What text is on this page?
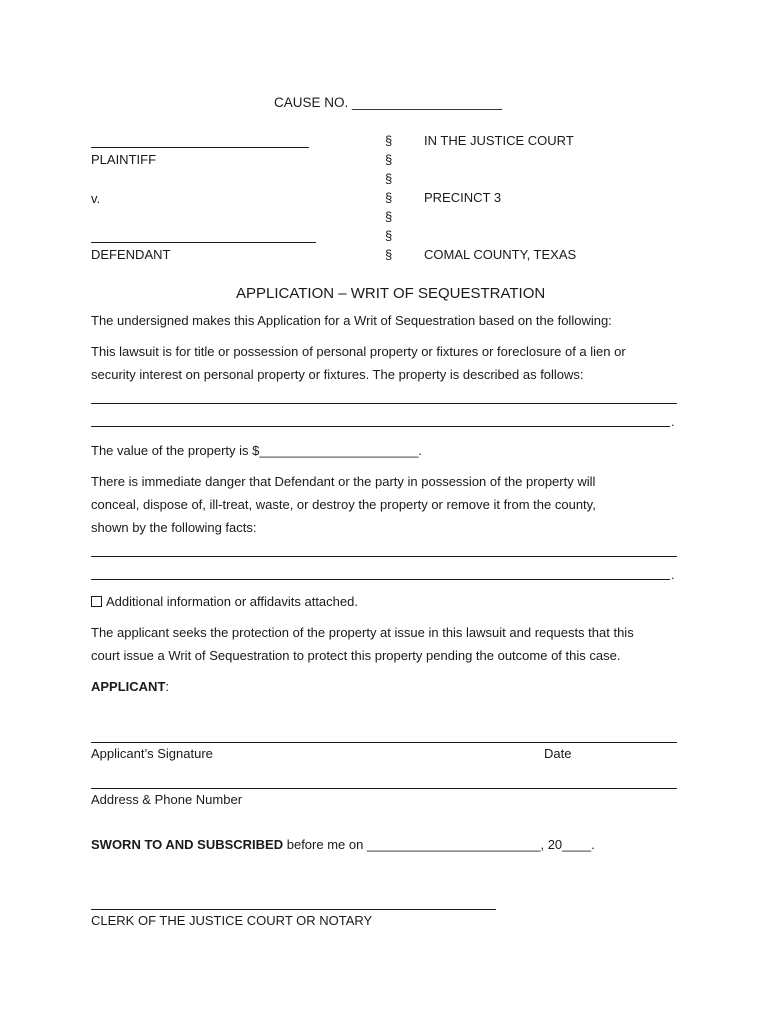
CAUSE NO. ____________________
PLAINTIFF
v.
DEFENDANT
§
§
§
§
§
§
§
IN THE JUSTICE COURT
PRECINCT 3
COMAL COUNTY, TEXAS
APPLICATION – WRIT OF SEQUESTRATION
The undersigned makes this Application for a Writ of Sequestration based on the following:
This lawsuit is for title or possession of personal property or fixtures or foreclosure of a lien or
security interest on personal property or fixtures. The property is described as follows:
.
The value of the property is $______________________.
There is immediate danger that Defendant or the party in possession of the property will
conceal, dispose of, ill-treat, waste, or destroy the property or remove it from the county,
shown by the following facts:
.
Additional information or affidavits attached.
The applicant seeks the protection of the property at issue in this lawsuit and requests that this
court issue a Writ of Sequestration to protect this property pending the outcome of this case.
APPLICANT:
Applicant’s Signature	Date
Address & Phone Number
SWORN TO AND SUBSCRIBED before me on ________________________, 20____.
CLERK OF THE JUSTICE COURT OR NOTARY
